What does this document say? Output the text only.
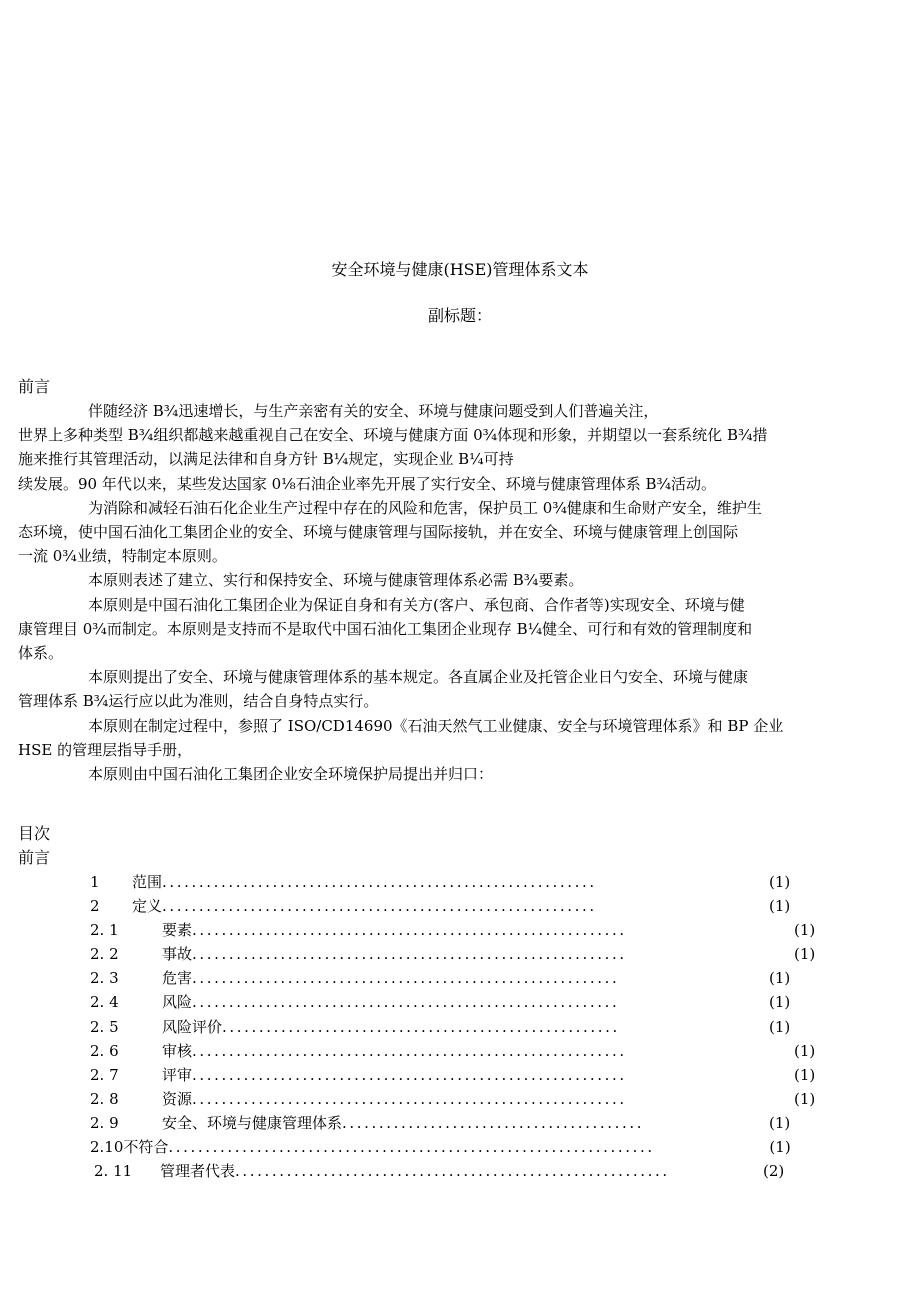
安全环境与健康(HSE)管理体系文本
副标题：
前言
伴随经济 B¾迅速增长，与生产亲密有关的安全、环境与健康问题受到人们普遍关注，
世界上多种类型 B¾组织都越来越重视自己在安全、环境与健康方面 0¾体现和形象，并期望以一套系统化 B¾措
施来推行其管理活动，以满足法律和自身方针 B¼规定，实现企业 B¼可持
续发展。90 年代以来，某些发达国家 0⅛石油企业率先开展了实行安全、环境与健康管理体系 B¾活动。
为消除和减轻石油石化企业生产过程中存在的风险和危害，保护员工 0¾健康和生命财产安全，维护生
态环境，使中国石油化工集团企业的安全、环境与健康管理与国际接轨，并在安全、环境与健康管理上创国际
一流 0¾业绩，特制定本原则。
本原则表述了建立、实行和保持安全、环境与健康管理体系必需 B¾要素。
本原则是中国石油化工集团企业为保证自身和有关方(客户、承包商、合作者等)实现安全、环境与健
康管理目 0¾而制定。本原则是支持而不是取代中国石油化工集团企业现存 B¼健全、可行和有效的管理制度和
体系。
本原则提出了安全、环境与健康管理体系的基本规定。各直属企业及托管企业日勺安全、环境与健康
管理体系 B¾运行应以此为准则，结合自身特点实行。
本原则在制定过程中，参照了 ISO/CD14690《石油天然气工业健康、安全与环境管理体系》和 BP 企业
HSE 的管理层指导手册，
本原则由中国石油化工集团企业安全环境保护局提出并归口：
目次
前言
1	范围 ...........................................................	(1)
2	定义 ...........................................................	(1)
2. 1	要素 ...........................................................	(1)
2. 2	事故 ...........................................................	(1)
2. 3	危害 ..........................................................	(1)
2. 4	风险 ..........................................................	(1)
2. 5	风险评价 ......................................................	(1)
2. 6	审核 ...........................................................	(1)
2. 7	评审 ...........................................................	(1)
2. 8	资源 ...........................................................	(1)
2. 9	安全、环境与健康管理体系 .........................................	(1)
2.10 不符合 ..................................................................	(1)
2. 11	管理者代表 ...........................................................	(2)
